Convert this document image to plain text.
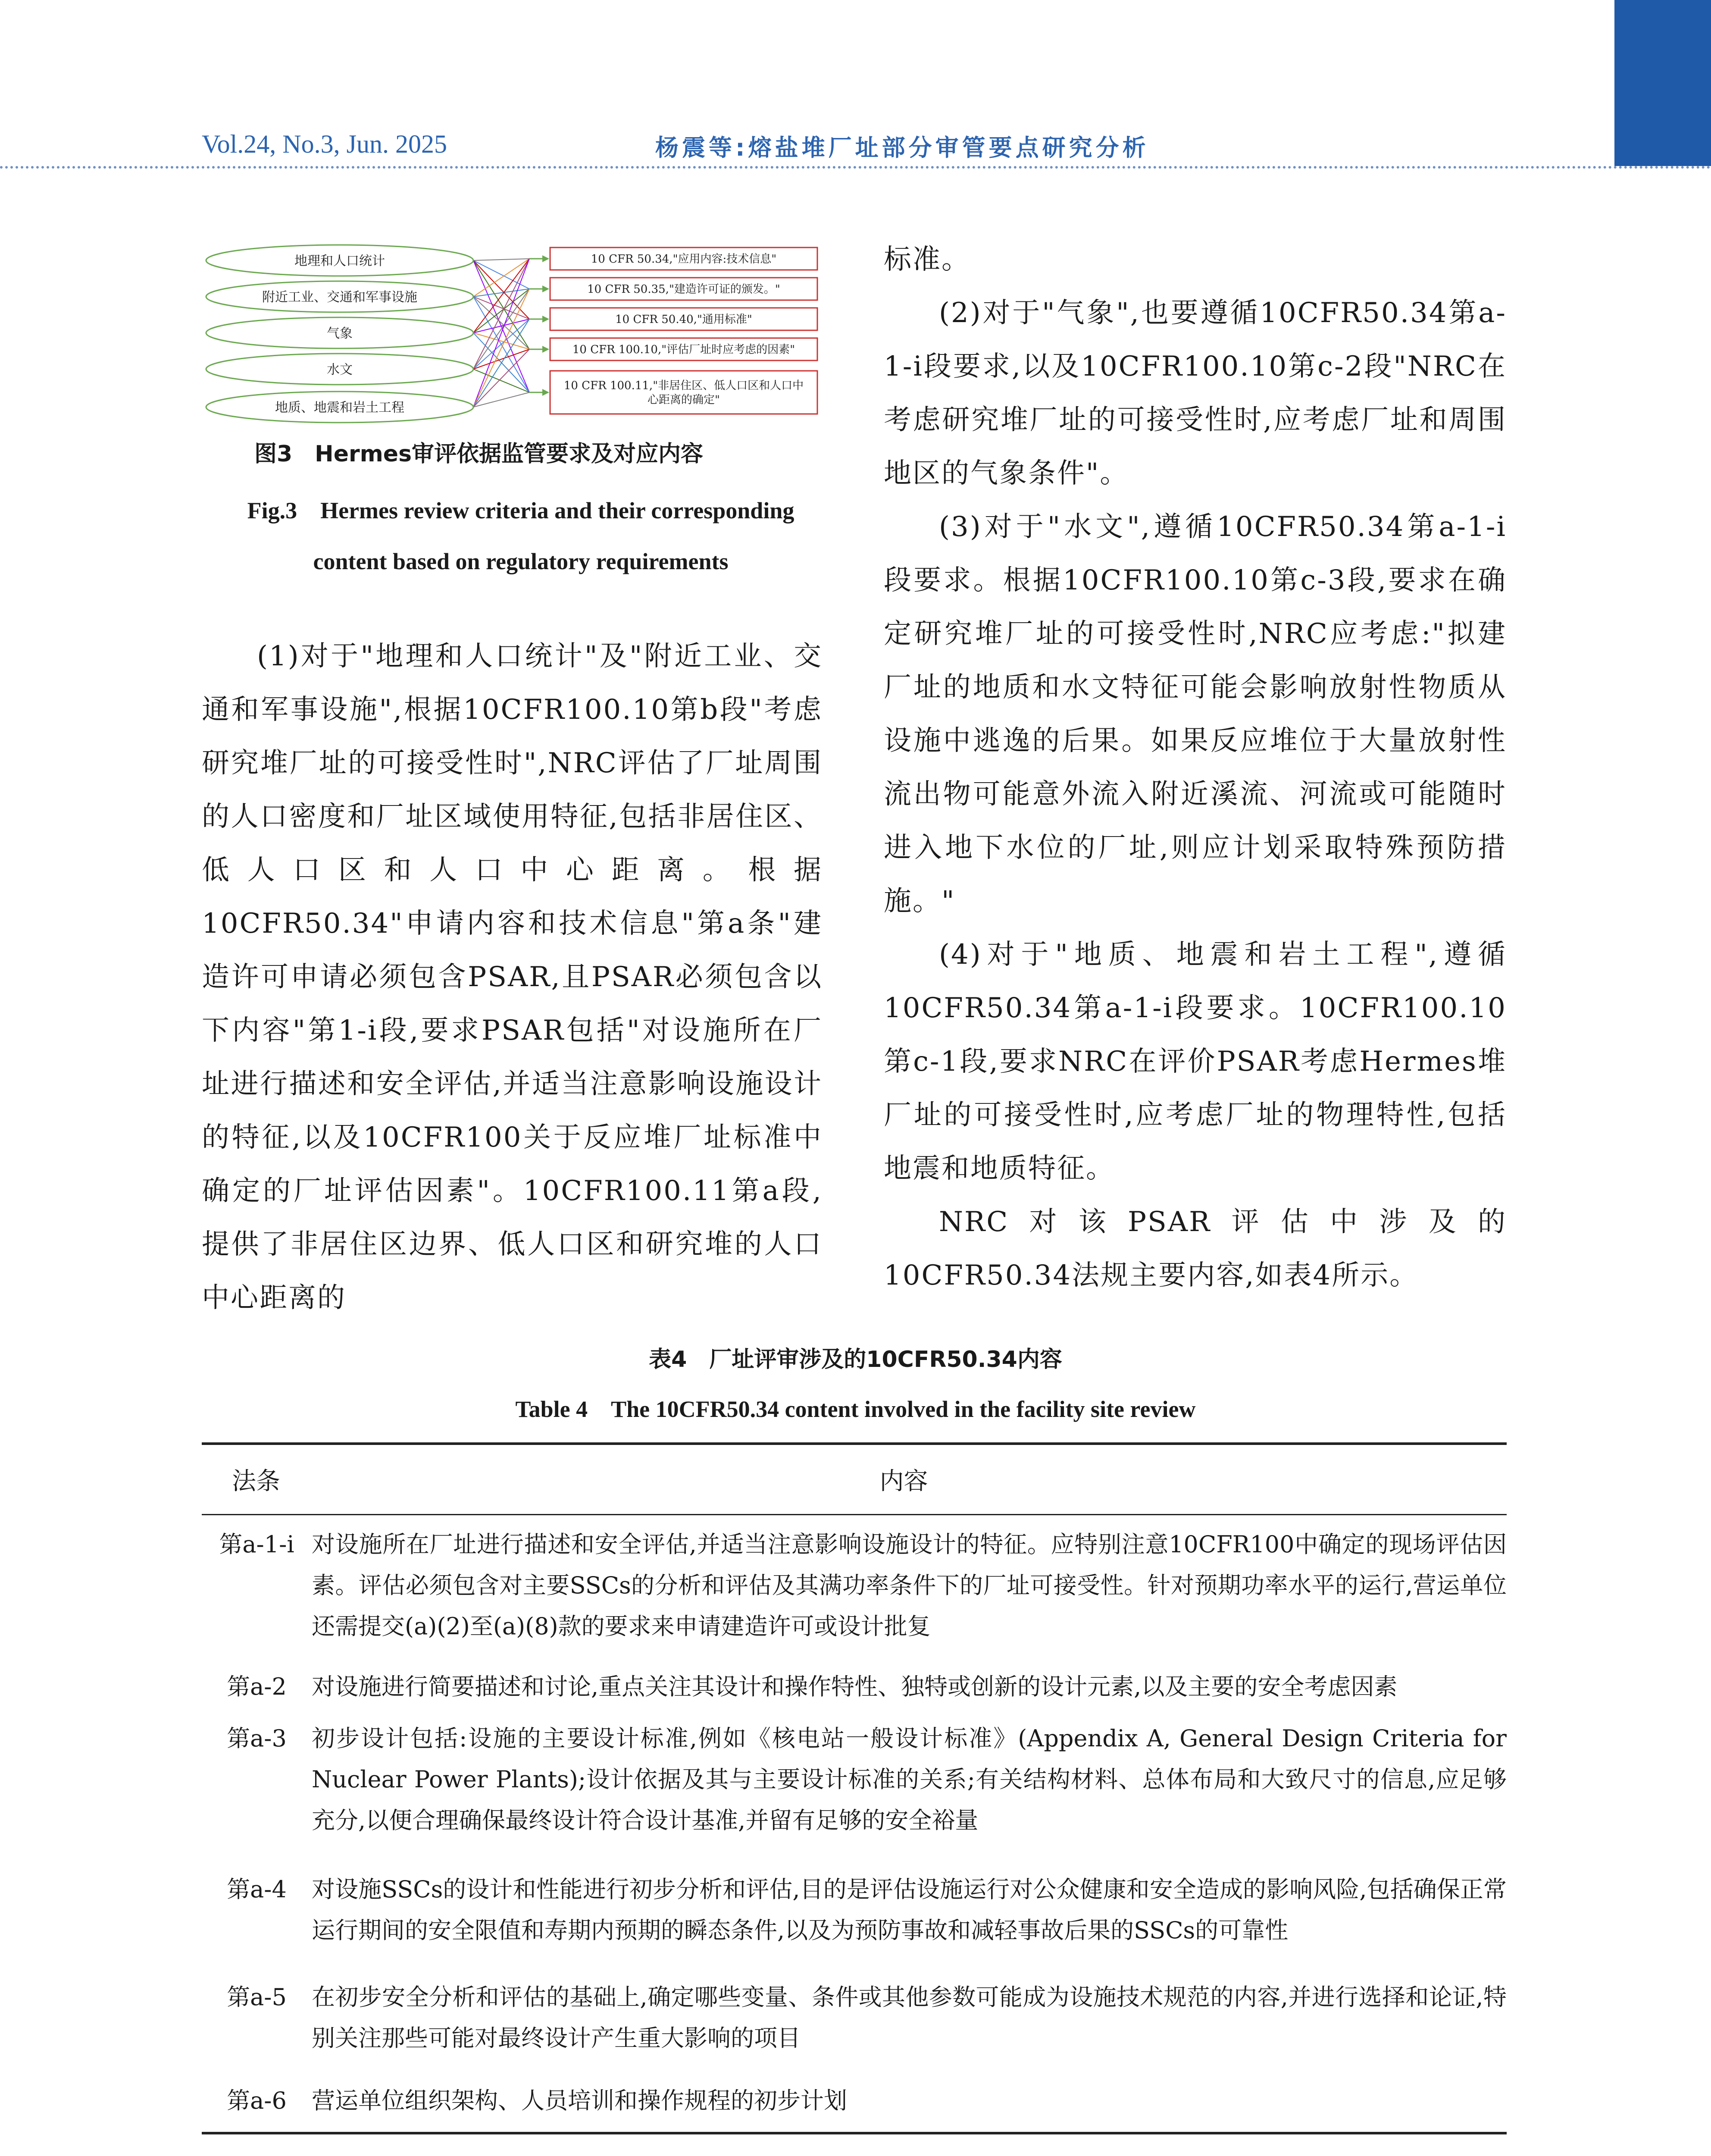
Vol.24, No.3, Jun. 2025	杨震等:熔盐堆厂址部分审管要点研究分析
地理和人口统计
附近工业、交通和军事设施
气象
水文
地质、地震和岩土工程
10 CFR 50.34,"应用内容:技术信息"
10 CFR 50.35,"建造许可证的颁发。"
10 CFR 50.40,"通用标准"
10 CFR 100.10,"评估厂址时应考虑的因素"
10 CFR 100.11,"非居住区、低人口区和人口中
心距离的确定"
图3　Hermes审评依据监管要求及对应内容
Fig.3　Hermes review criteria and their corresponding
content based on regulatory requirements

(1)对于"地理和人口统计"及"附近工业、交通和军事设施",根据10CFR100.10第b段"考虑研究堆厂址的可接受性时",NRC评估了厂址周围的人口密度和厂址区域使用特征,包括非居住区、低人口区和人口中心距离。根据10CFR50.34"申请内容和技术信息"第a条"建造许可申请必须包含PSAR,且PSAR必须包含以下内容"第1-i段,要求PSAR包括"对设施所在厂址进行描述和安全评估,并适当注意影响设施设计的特征,以及10CFR100关于反应堆厂址标准中确定的厂址评估因素"。10CFR100.11第a段,提供了非居住区边界、低人口区和研究堆的人口中心距离的

标准。

(2)对于"气象",也要遵循10CFR50.34第a-1-i段要求,以及10CFR100.10第c-2段"NRC在考虑研究堆厂址的可接受性时,应考虑厂址和周围地区的气象条件"。

(3)对于"水文",遵循10CFR50.34第a-1-i段要求。根据10CFR100.10第c-3段,要求在确定研究堆厂址的可接受性时,NRC应考虑:"拟建厂址的地质和水文特征可能会影响放射性物质从设施中逃逸的后果。如果反应堆位于大量放射性流出物可能意外流入附近溪流、河流或可能随时进入地下水位的厂址,则应计划采取特殊预防措施。"

(4)对于"地质、地震和岩土工程",遵循10CFR50.34第a-1-i段要求。10CFR100.10第c-1段,要求NRC在评价PSAR考虑Hermes堆厂址的可接受性时,应考虑厂址的物理特性,包括地震和地质特征。

NRC对该PSAR评估中涉及的10CFR50.34法规主要内容,如表4所示。

表4　厂址评审涉及的10CFR50.34内容
Table 4　The 10CFR50.34 content involved in the facility site review
法条	内容
第a-1-i 对设施所在厂址进行描述和安全评估,并适当注意影响设施设计的特征。应特别注意10CFR100中确定的现场评估因素。评估必须包含对主要SSCs的分析和评估及其满功率条件下的厂址可接受性。针对预期功率水平的运行,营运单位还需提交(a)(2)至(a)(8)款的要求来申请建造许可或设计批复
第a-2	对设施进行简要描述和讨论,重点关注其设计和操作特性、独特或创新的设计元素,以及主要的安全考虑因素
第a-3	初步设计包括:设施的主要设计标准,例如《核电站一般设计标准》(Appendix A, General Design Criteria for Nuclear Power Plants);设计依据及其与主要设计标准的关系;有关结构材料、总体布局和大致尺寸的信息,应足够充分,以便合理确保最终设计符合设计基准,并留有足够的安全裕量
第a-4	对设施SSCs的设计和性能进行初步分析和评估,目的是评估设施运行对公众健康和安全造成的影响风险,包括确保正常运行期间的安全限值和寿期内预期的瞬态条件,以及为预防事故和减轻事故后果的SSCs的可靠性
第a-5	在初步安全分析和评估的基础上,确定哪些变量、条件或其他参数可能成为设施技术规范的内容,并进行选择和论证,特别关注那些可能对最终设计产生重大影响的项目
第a-6	营运单位组织架构、人员培训和操作规程的初步计划
